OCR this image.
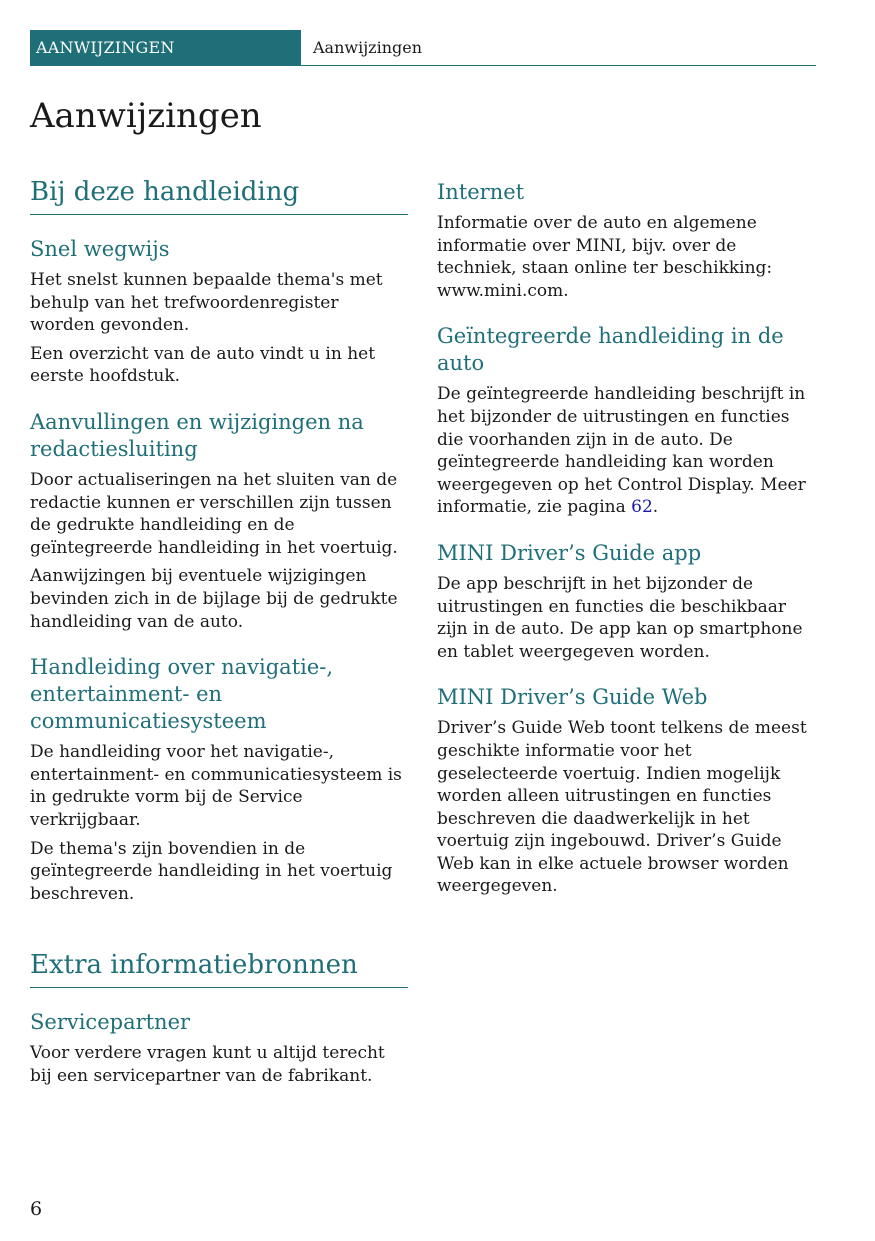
AANWIJZINGEN	Aanwijzingen
Aanwijzingen
Bij deze handleiding
Snel wegwijs

Het snelst kunnen bepaalde thema's met behulp van het trefwoordenregister worden gevonden.

Een overzicht van de auto vindt u in het eerste hoofdstuk.

Aanvullingen en wijzigingen na redactiesluiting

Door actualiseringen na het sluiten van de redactie kunnen er verschillen zijn tussen de gedrukte handleiding en de geïntegreerde handleiding in het voertuig.

Aanwijzingen bij eventuele wijzigingen bevinden zich in de bijlage bij de gedrukte handleiding van de auto.

Handleiding over navigatie-, entertainment- en communicatiesysteem

De handleiding voor het navigatie-, entertainment- en communicatiesysteem is in gedrukte vorm bij de Service verkrijgbaar.

De thema's zijn bovendien in de geïntegreerde handleiding in het voertuig beschreven.

Extra informatiebronnen
Servicepartner

Voor verdere vragen kunt u altijd terecht bij een servicepartner van de fabrikant.

Internet

Informatie over de auto en algemene informatie over MINI, bijv. over de techniek, staan online ter beschikking: www.mini.com.

Geïntegreerde handleiding in de auto

De geïntegreerde handleiding beschrijft in het bijzonder de uitrustingen en functies die voorhanden zijn in de auto. De geïntegreerde handleiding kan worden weergegeven op het Control Display. Meer informatie, zie pagina 62.

MINI Driver’s Guide app

De app beschrijft in het bijzonder de uitrustingen en functies die beschikbaar zijn in de auto. De app kan op smartphone en tablet weergegeven worden.

MINI Driver’s Guide Web

Driver’s Guide Web toont telkens de meest geschikte informatie voor het geselecteerde voertuig. Indien mogelijk worden alleen uitrustingen en functies beschreven die daadwerkelijk in het voertuig zijn ingebouwd. Driver’s Guide Web kan in elke actuele browser worden weergegeven.

6
